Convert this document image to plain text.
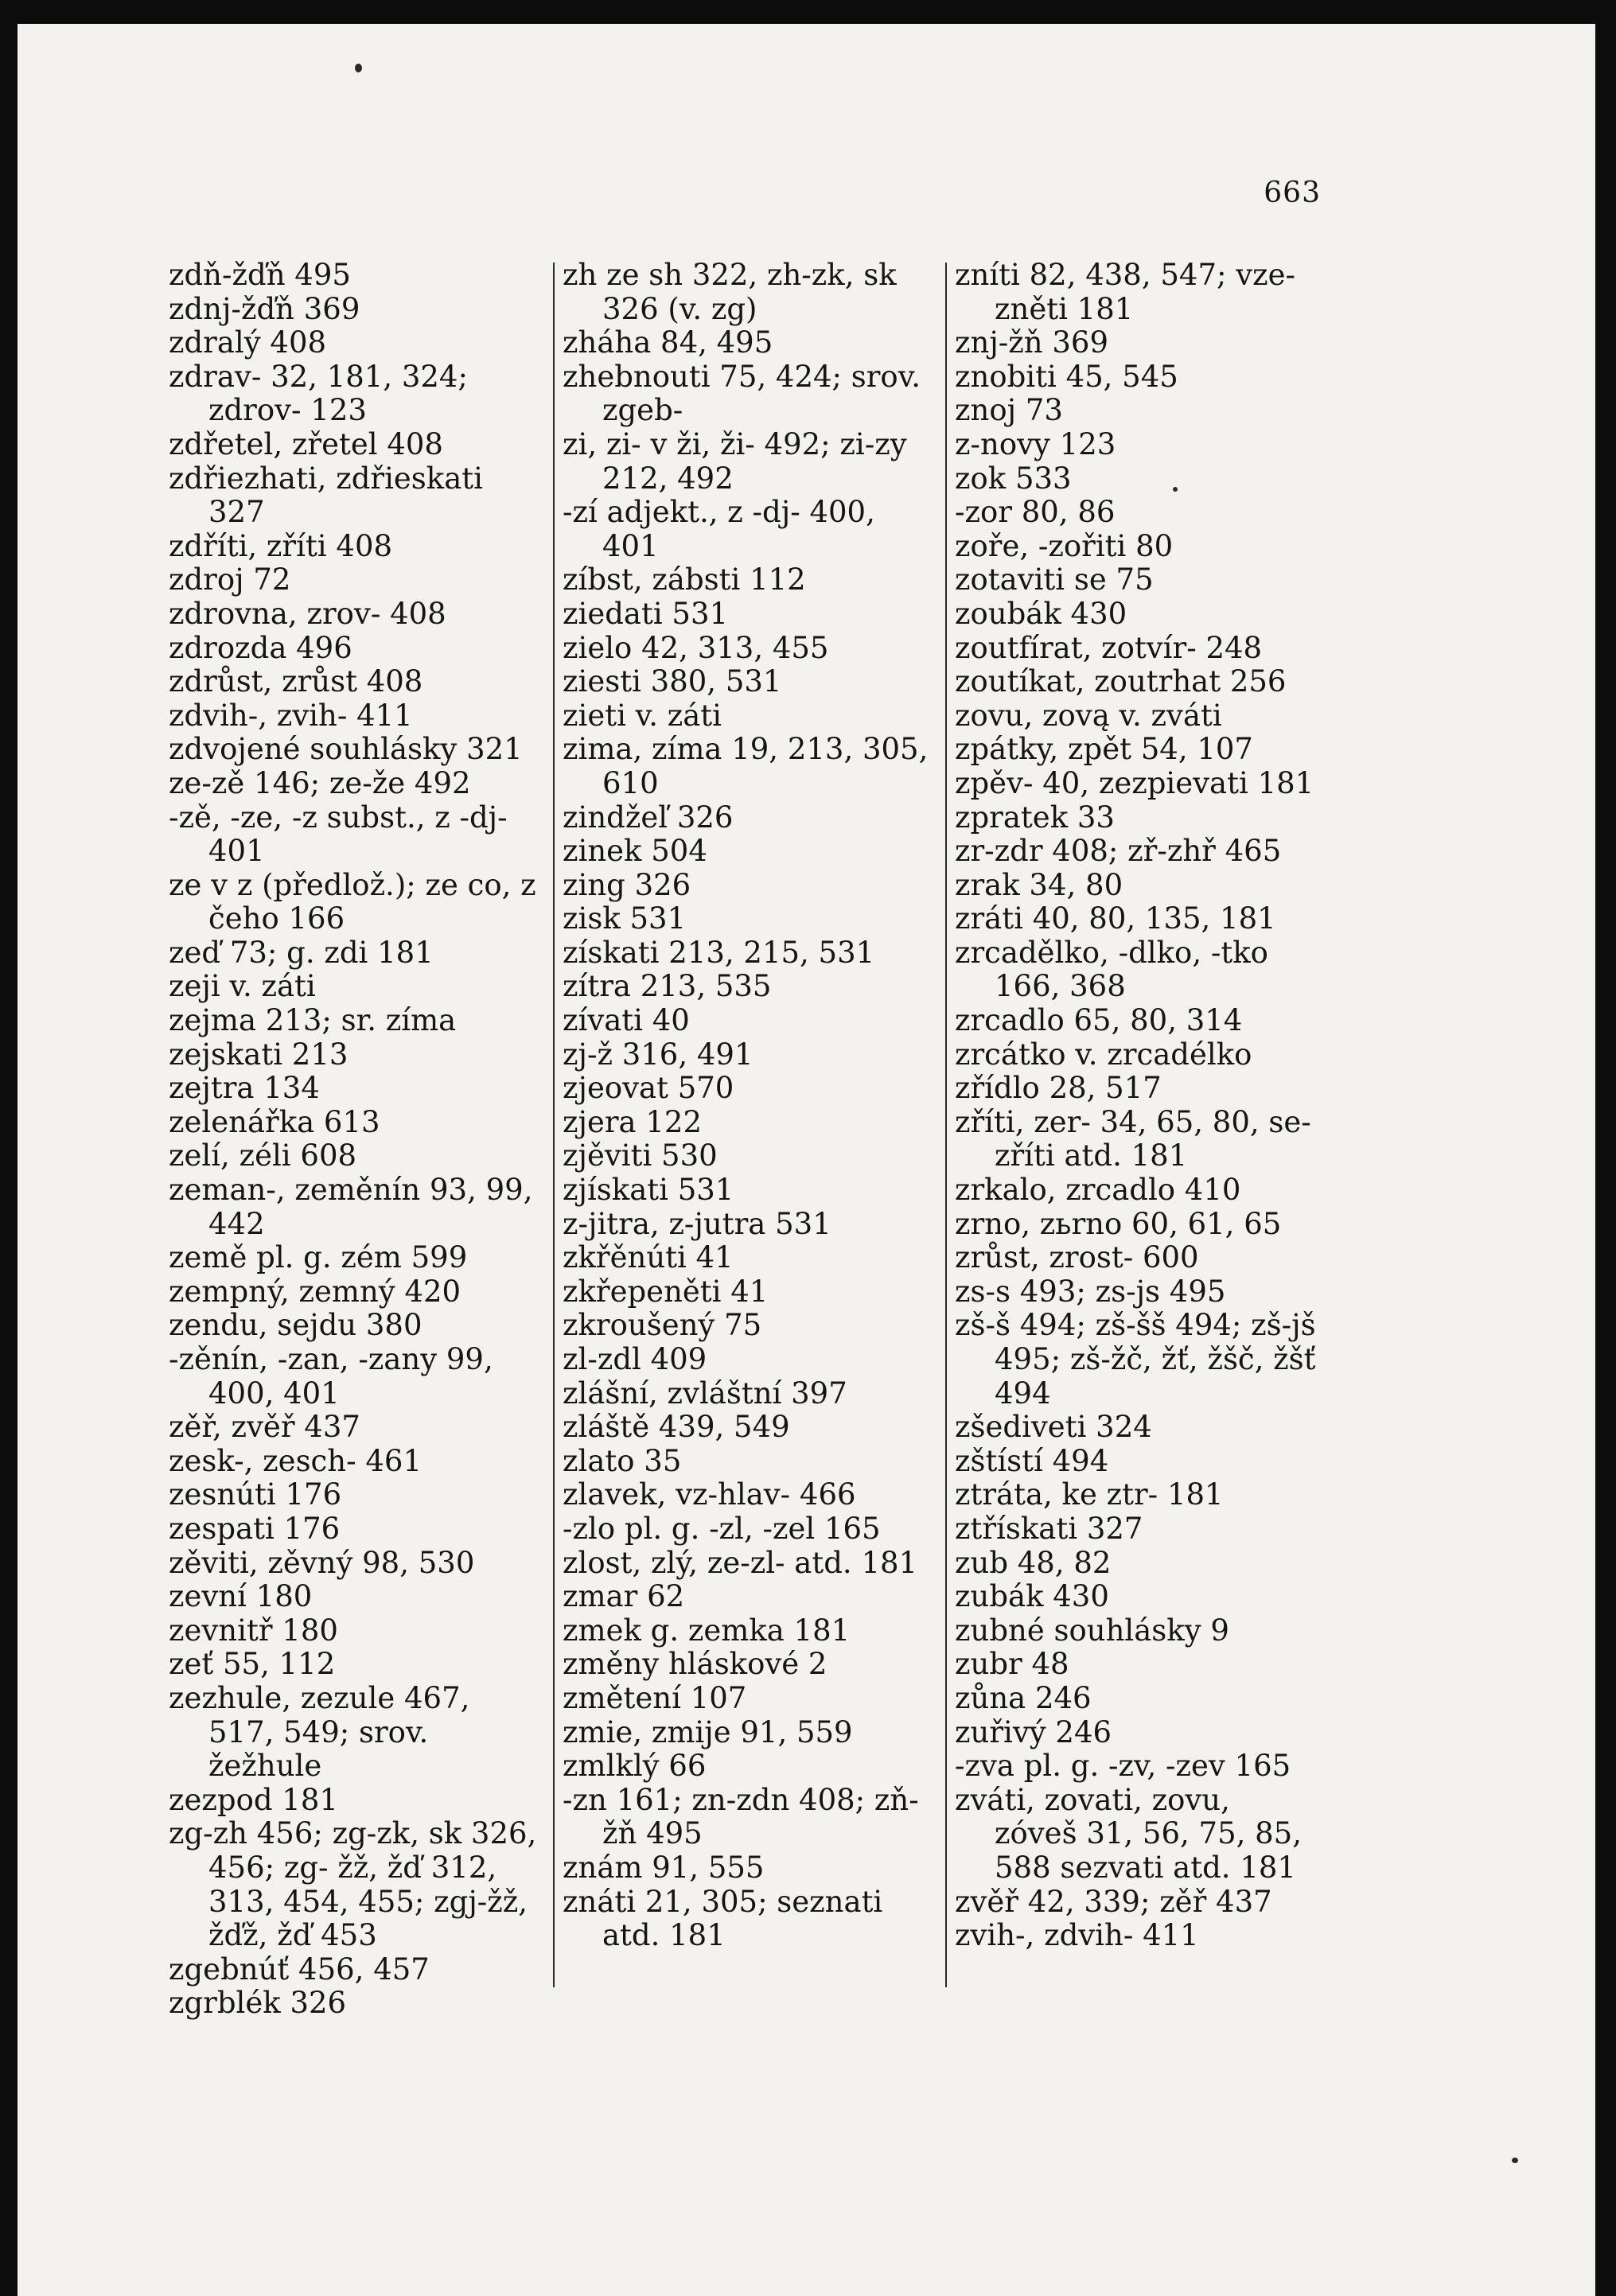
663

zdň-žďň 495

zdnj-žďň 369

zdralý 408

zdrav- 32, 181, 324; zdrov- 123

zdřetel, zřetel 408

zdřiezhati, zdřieskati 327

zdříti, zříti 408

zdroj 72

zdrovna, zrov- 408

zdrozda 496

zdrůst, zrůst 408

zdvih-, zvih- 411

zdvojené souhlásky 321

ze-zě 146; ze-že 492

-zě, -ze, -z subst., z -dj- 401

ze v z (předlož.); ze co, z čeho 166

zeď 73; g. zdi 181

zeji v. záti

zejma 213; sr. zíma

zejskati 213

zejtra 134

zelenářka 613

zelí, zéli 608

zeman-, zeměnín 93, 99, 442

země pl. g. zém 599

zempný, zemný 420

zendu, sejdu 380

-zěnín, -zan, -zany 99, 400, 401

zěř, zvěř 437

zesk-, zesch- 461

zesnúti 176

zespati 176

zěviti, zěvný 98, 530

zevní 180

zevnitř 180

zeť 55, 112

zezhule, zezule 467, 517, 549; srov. žežhule

zezpod 181

zg-zh 456; zg-zk, sk 326, 456; zg- žž, žď 312, 313, 454, 455; zgj-žž, žďž, žď 453

zgebnúť 456, 457

zgrblék 326

zh ze sh 322, zh-zk, sk 326 (v. zg)

zháha 84, 495

zhebnouti 75, 424; srov. zgeb-

zi, zi- v ži, ži- 492; zi-zy 212, 492

-zí adjekt., z -dj- 400, 401

zíbst, zábsti 112

ziedati 531

zielo 42, 313, 455

ziesti 380, 531

zieti v. záti

zima, zíma 19, 213, 305, 610

zindžeľ 326

zinek 504

zing 326

zisk 531

získati 213, 215, 531

zítra 213, 535

zívati 40

zj-ž 316, 491

zjeovat 570

zjera 122

zjěviti 530

zjískati 531

z-jitra, z-jutra 531

zkřěnúti 41

zkřepeněti 41

zkroušený 75

zl-zdl 409

zlášní, zvláštní 397

zláště 439, 549

zlato 35

zlavek, vz-hlav- 466

-zlo pl. g. -zl, -zel 165

zlost, zlý, ze-zl- atd. 181

zmar 62

zmek g. zemka 181

změny hláskové 2

změtení 107

zmie, zmije 91, 559

zmlklý 66

-zn 161; zn-zdn 408; zň-žň 495

znám 91, 555

znáti 21, 305; seznati atd. 181

zníti 82, 438, 547; vze-zněti 181

znj-žň 369

znobiti 45, 545

znoj 73

z-novy 123

zok 533

-zor 80, 86

zoře, -zořiti 80

zotaviti se 75

zoubák 430

zoutfírat, zotvír- 248

zoutíkat, zoutrhat 256

zovu, zovą v. zváti

zpátky, zpět 54, 107

zpěv- 40, zezpievati 181

zpratek 33

zr-zdr 408; zř-zhř 465

zrak 34, 80

zráti 40, 80, 135, 181

zrcadělko, -dlko, -tko 166, 368

zrcadlo 65, 80, 314

zrcátko v. zrcadélko

zřídlo 28, 517

zříti, zer- 34, 65, 80, se-zříti atd. 181

zrkalo, zrcadlo 410

zrno, zьrno 60, 61, 65

zrůst, zrost- 600

zs-s 493; zs-js 495

zš-š 494; zš-šš 494; zš-jš 495; zš-žč, žť, žšč, žšť 494

zšediveti 324

zštístí 494

ztráta, ke ztr- 181

ztřískati 327

zub 48, 82

zubák 430

zubné souhlásky 9

zubr 48

zůna 246

zuřivý 246

-zva pl. g. -zv, -zev 165

zváti, zovati, zovu, zóveš 31, 56, 75, 85, 588 sezvati atd. 181

zvěř 42, 339; zěř 437

zvih-, zdvih- 411
